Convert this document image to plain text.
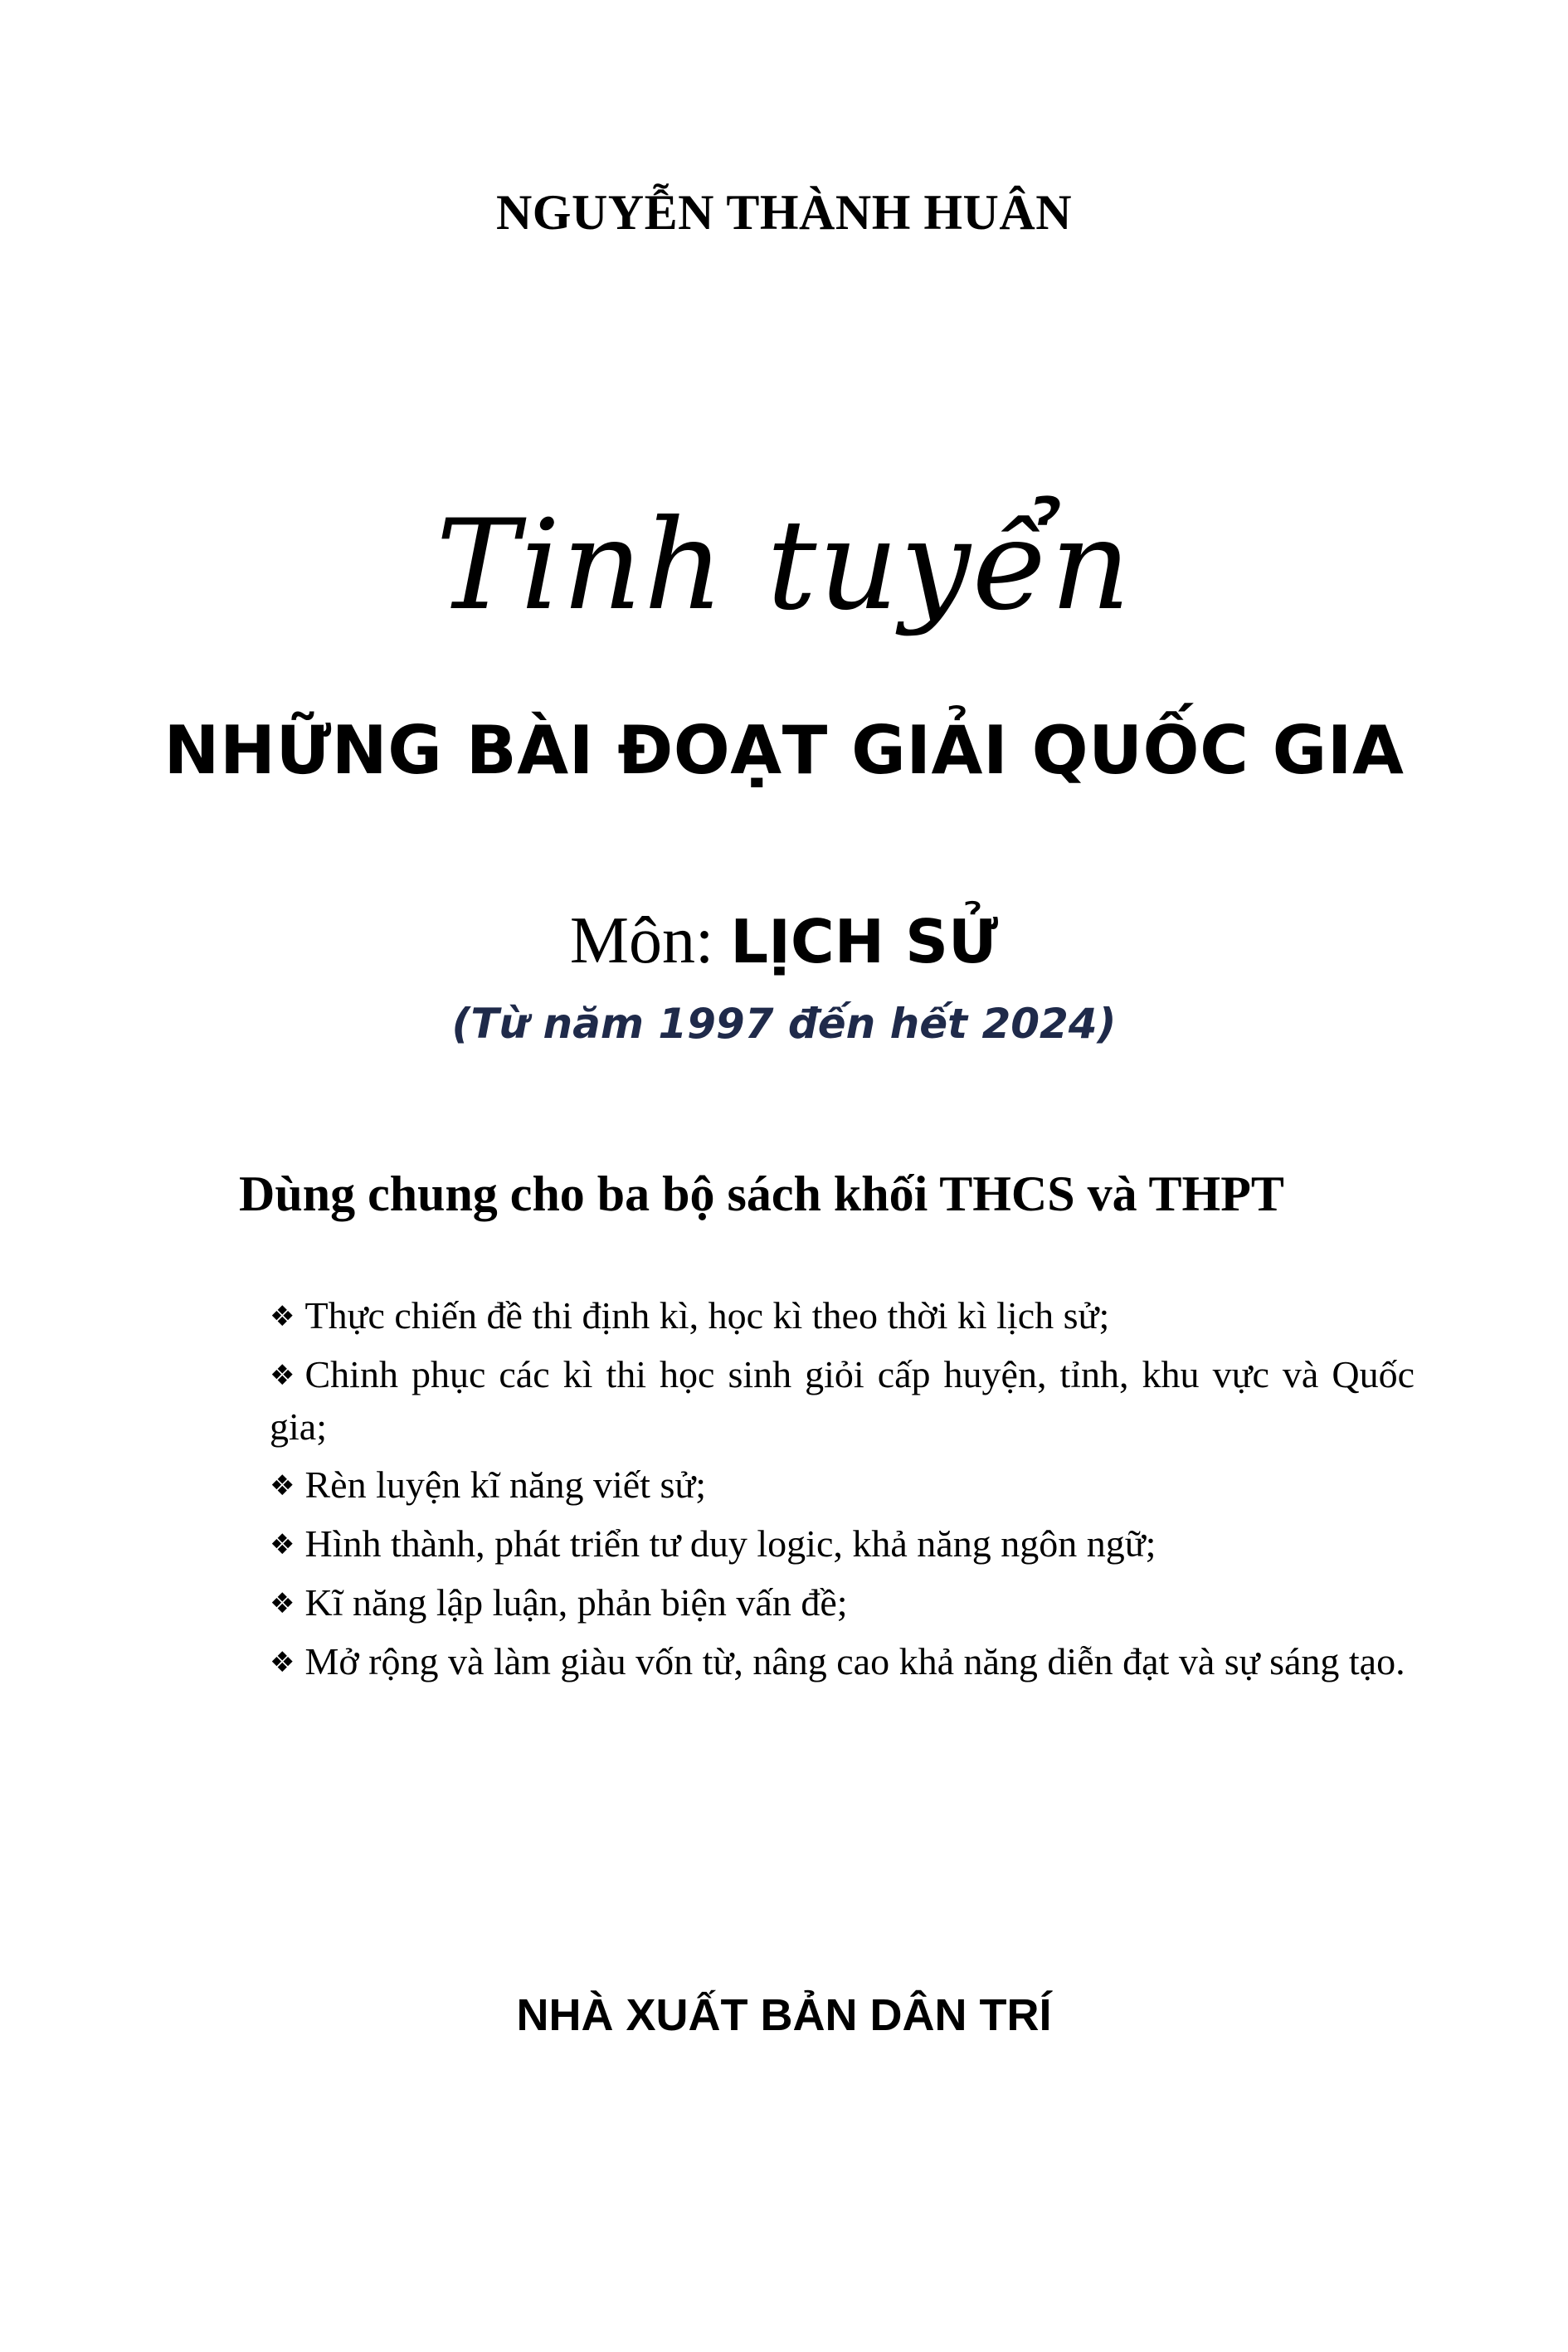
NGUYỄN THÀNH HUÂN
Tinh tuyển
NHỮNG BÀI ĐOẠT GIẢI QUỐC GIA
Môn: LỊCH SỬ
(Từ năm 1997 đến hết 2024)
Dùng chung cho ba bộ sách khối THCS và THPT
❖ Thực chiến đề thi định kì, học kì theo thời kì lịch sử;
❖ Chinh phục các kì thi học sinh giỏi cấp huyện, tỉnh, khu vực và Quốc gia;
❖ Rèn luyện kĩ năng viết sử;
❖ Hình thành, phát triển tư duy logic, khả năng ngôn ngữ;
❖ Kĩ năng lập luận, phản biện vấn đề;
❖ Mở rộng và làm giàu vốn từ, nâng cao khả năng diễn đạt và sự sáng tạo.
NHÀ XUẤT BẢN DÂN TRÍ
